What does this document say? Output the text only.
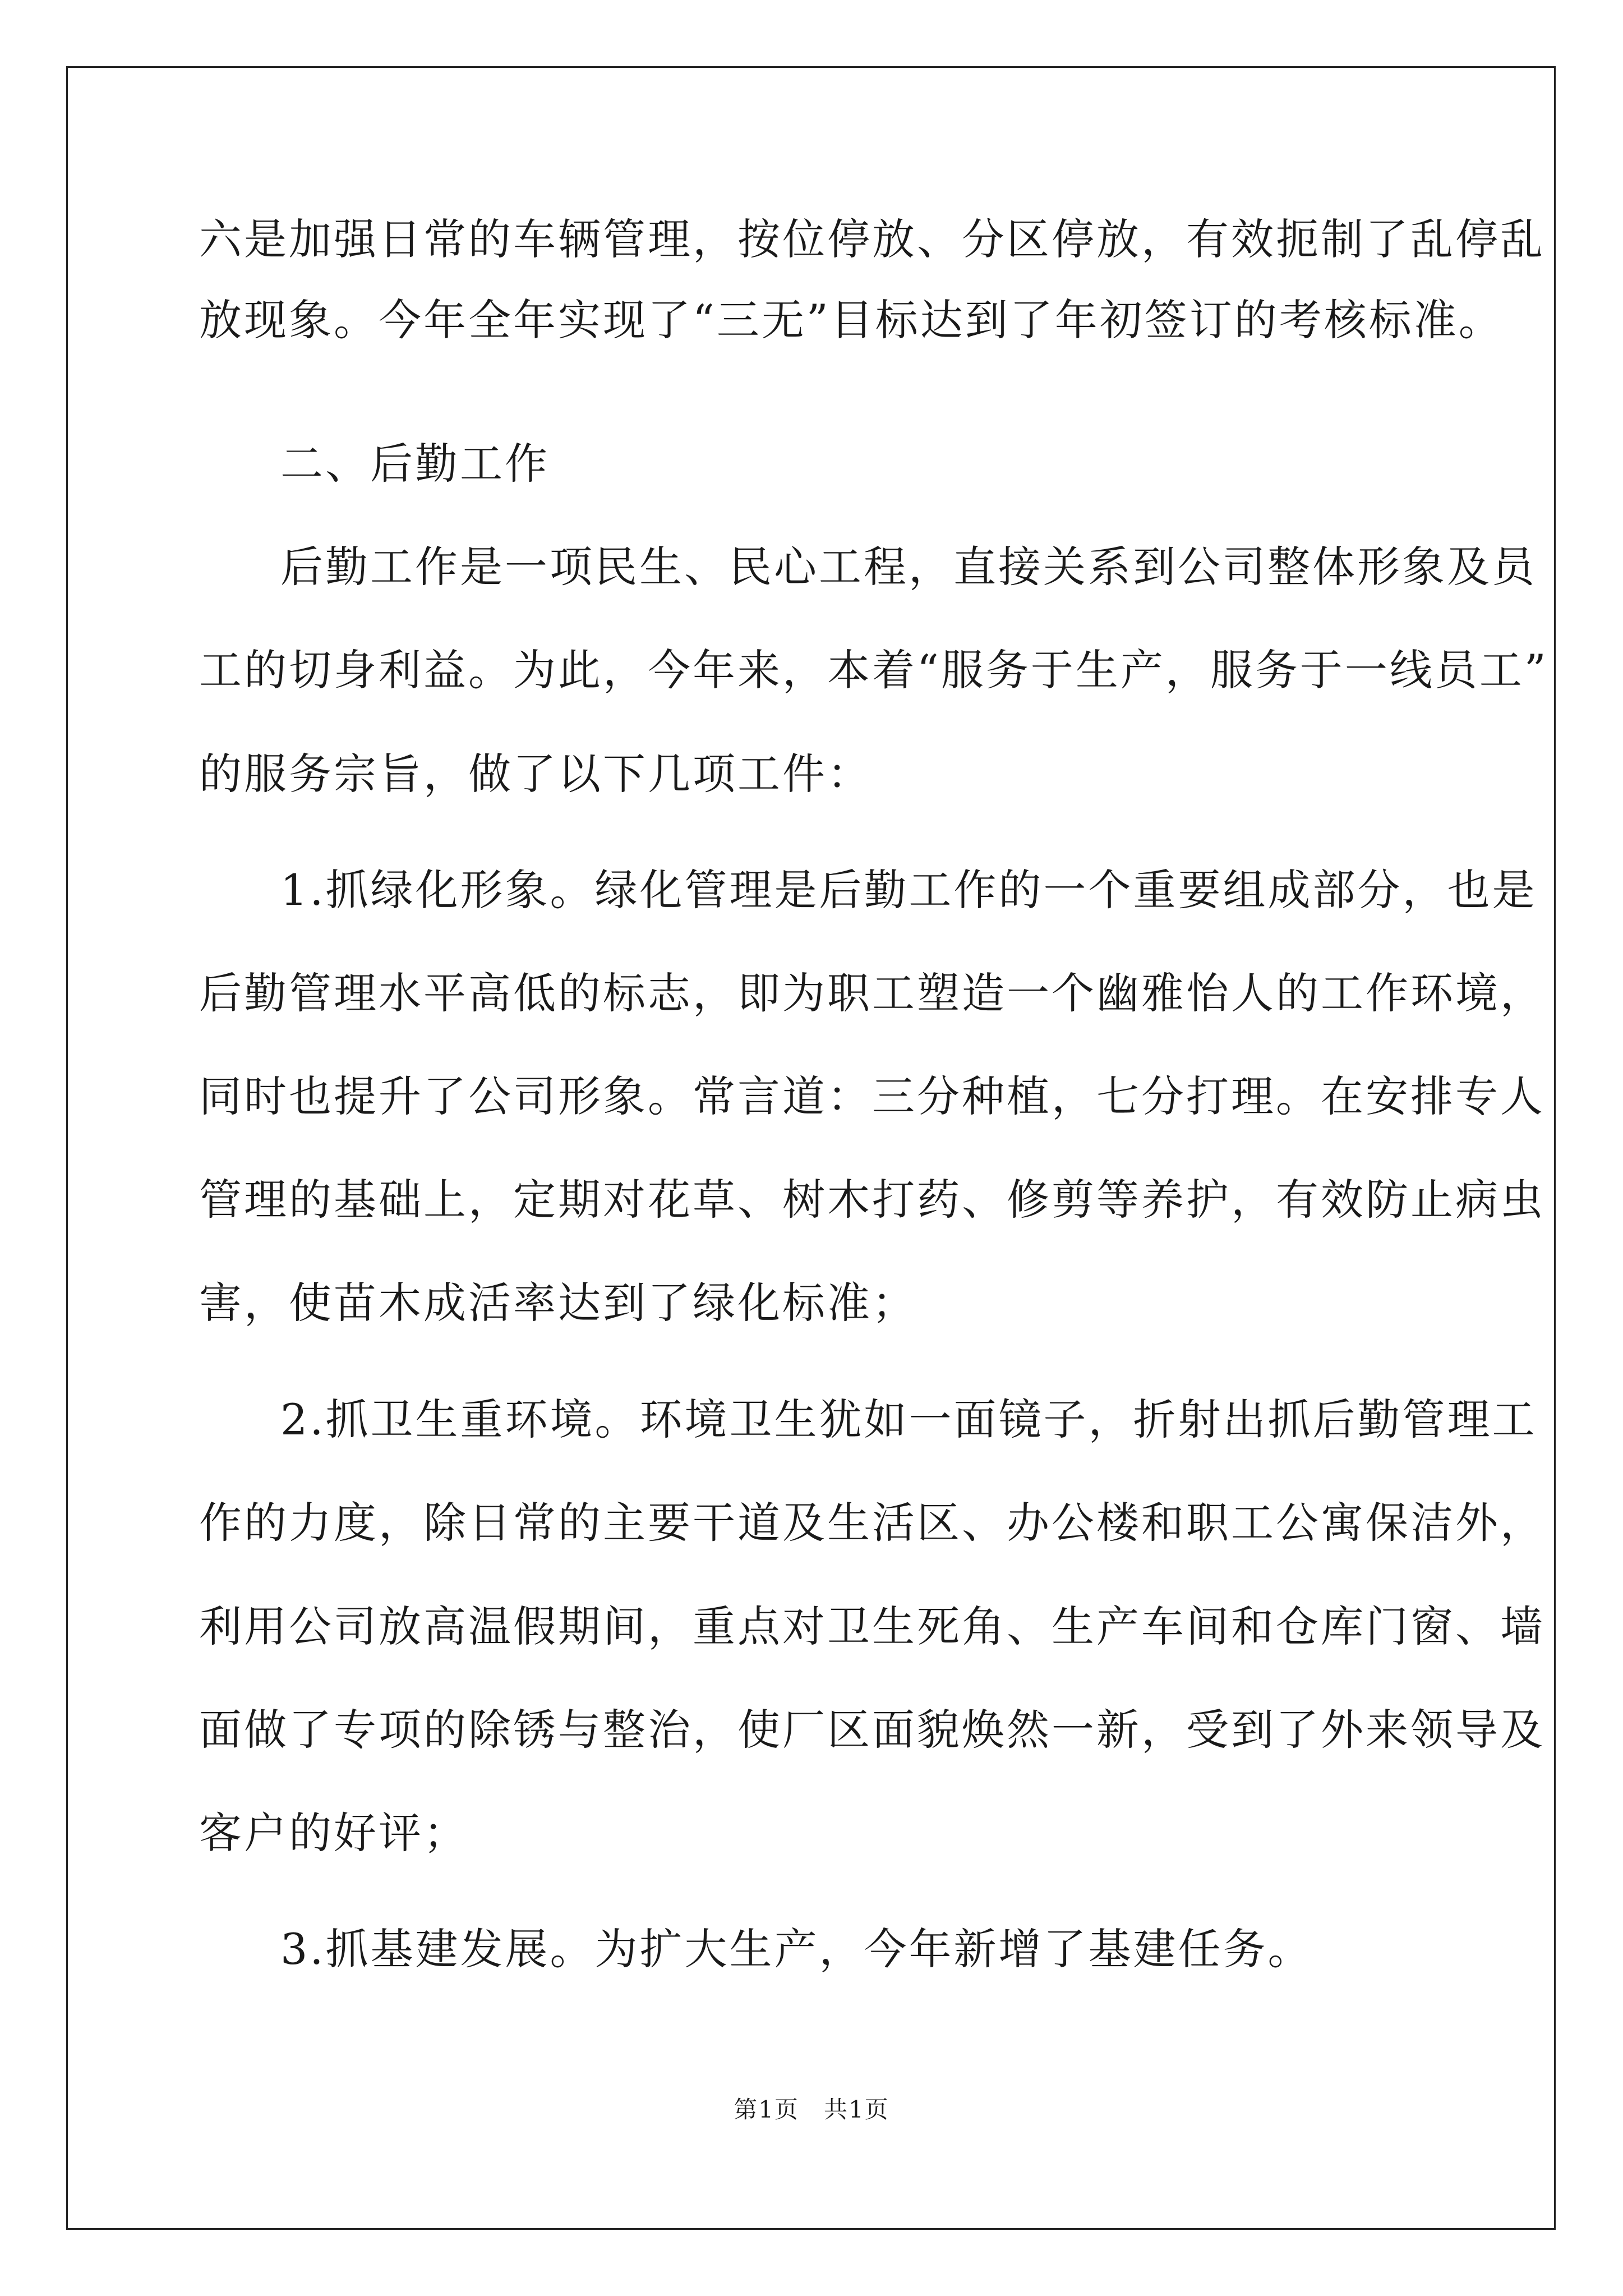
六是加强日常的车辆管理，按位停放、分区停放，有效扼制了乱停乱

放现象。今年全年实现了“三无”目标达到了年初签订的考核标准。

二、后勤工作

后勤工作是一项民生、民心工程，直接关系到公司整体形象及员

工的切身利益。为此，今年来，本着“服务于生产，服务于一线员工”

的服务宗旨，做了以下几项工件：

1.抓绿化形象。绿化管理是后勤工作的一个重要组成部分，也是

后勤管理水平高低的标志，即为职工塑造一个幽雅怡人的工作环境，

同时也提升了公司形象。常言道：三分种植，七分打理。在安排专人

管理的基础上，定期对花草、树木打药、修剪等养护，有效防止病虫

害，使苗木成活率达到了绿化标准；

2.抓卫生重环境。环境卫生犹如一面镜子，折射出抓后勤管理工

作的力度，除日常的主要干道及生活区、办公楼和职工公寓保洁外，

利用公司放高温假期间，重点对卫生死角、生产车间和仓库门窗、墙

面做了专项的除锈与整治，使厂区面貌焕然一新，受到了外来领导及

客户的好评；

3.抓基建发展。为扩大生产，今年新增了基建任务。

第1页　共1页
